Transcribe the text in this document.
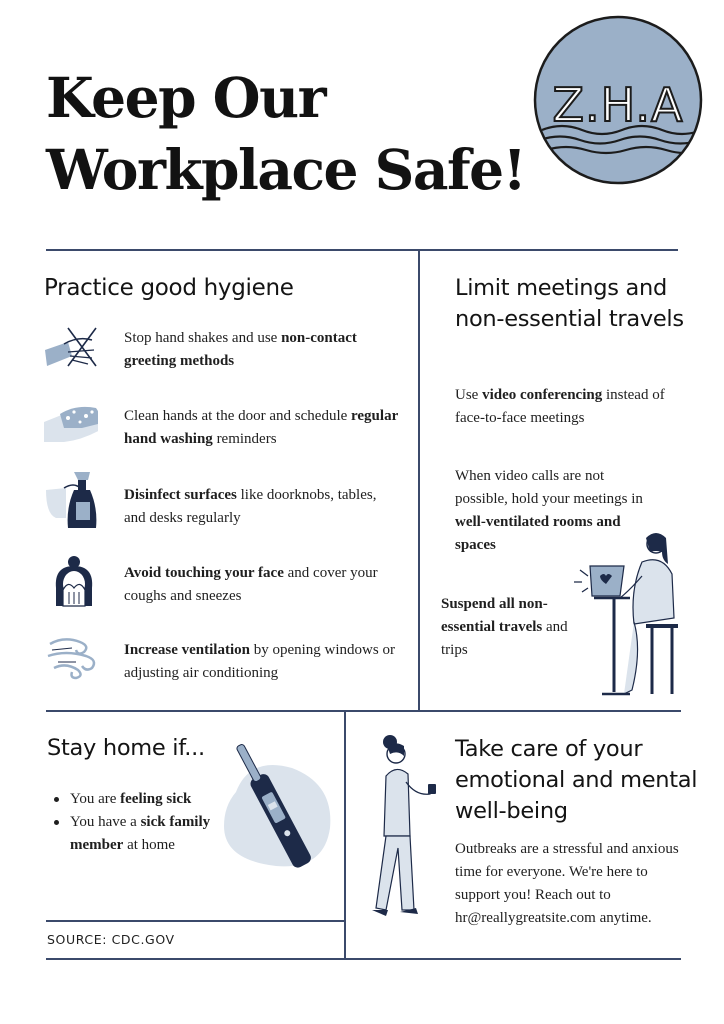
Keep Our
Workplace Safe!
Z.H.A
Practice good hygiene
Stop hand shakes and use non-contact greeting methods
Clean hands at the door and schedule regular hand washing reminders
Disinfect surfaces like doorknobs, tables, and desks regularly
Avoid touching your face and cover your coughs and sneezes
Increase ventilation by opening windows or adjusting air conditioning
Limit meetings and non-essential travels
Use video conferencing instead of face-to-face meetings
When video calls are not possible, hold your meetings in well-ventilated rooms and spaces
Suspend all non-essential travels and trips
Stay home if...
You are feeling sick
You have a sick family member at home
SOURCE: CDC.GOV
Take care of your emotional and mental well-being

Outbreaks are a stressful and anxious time for everyone. We're here to support you! Reach out to hr@reallygreatsite.com anytime.
